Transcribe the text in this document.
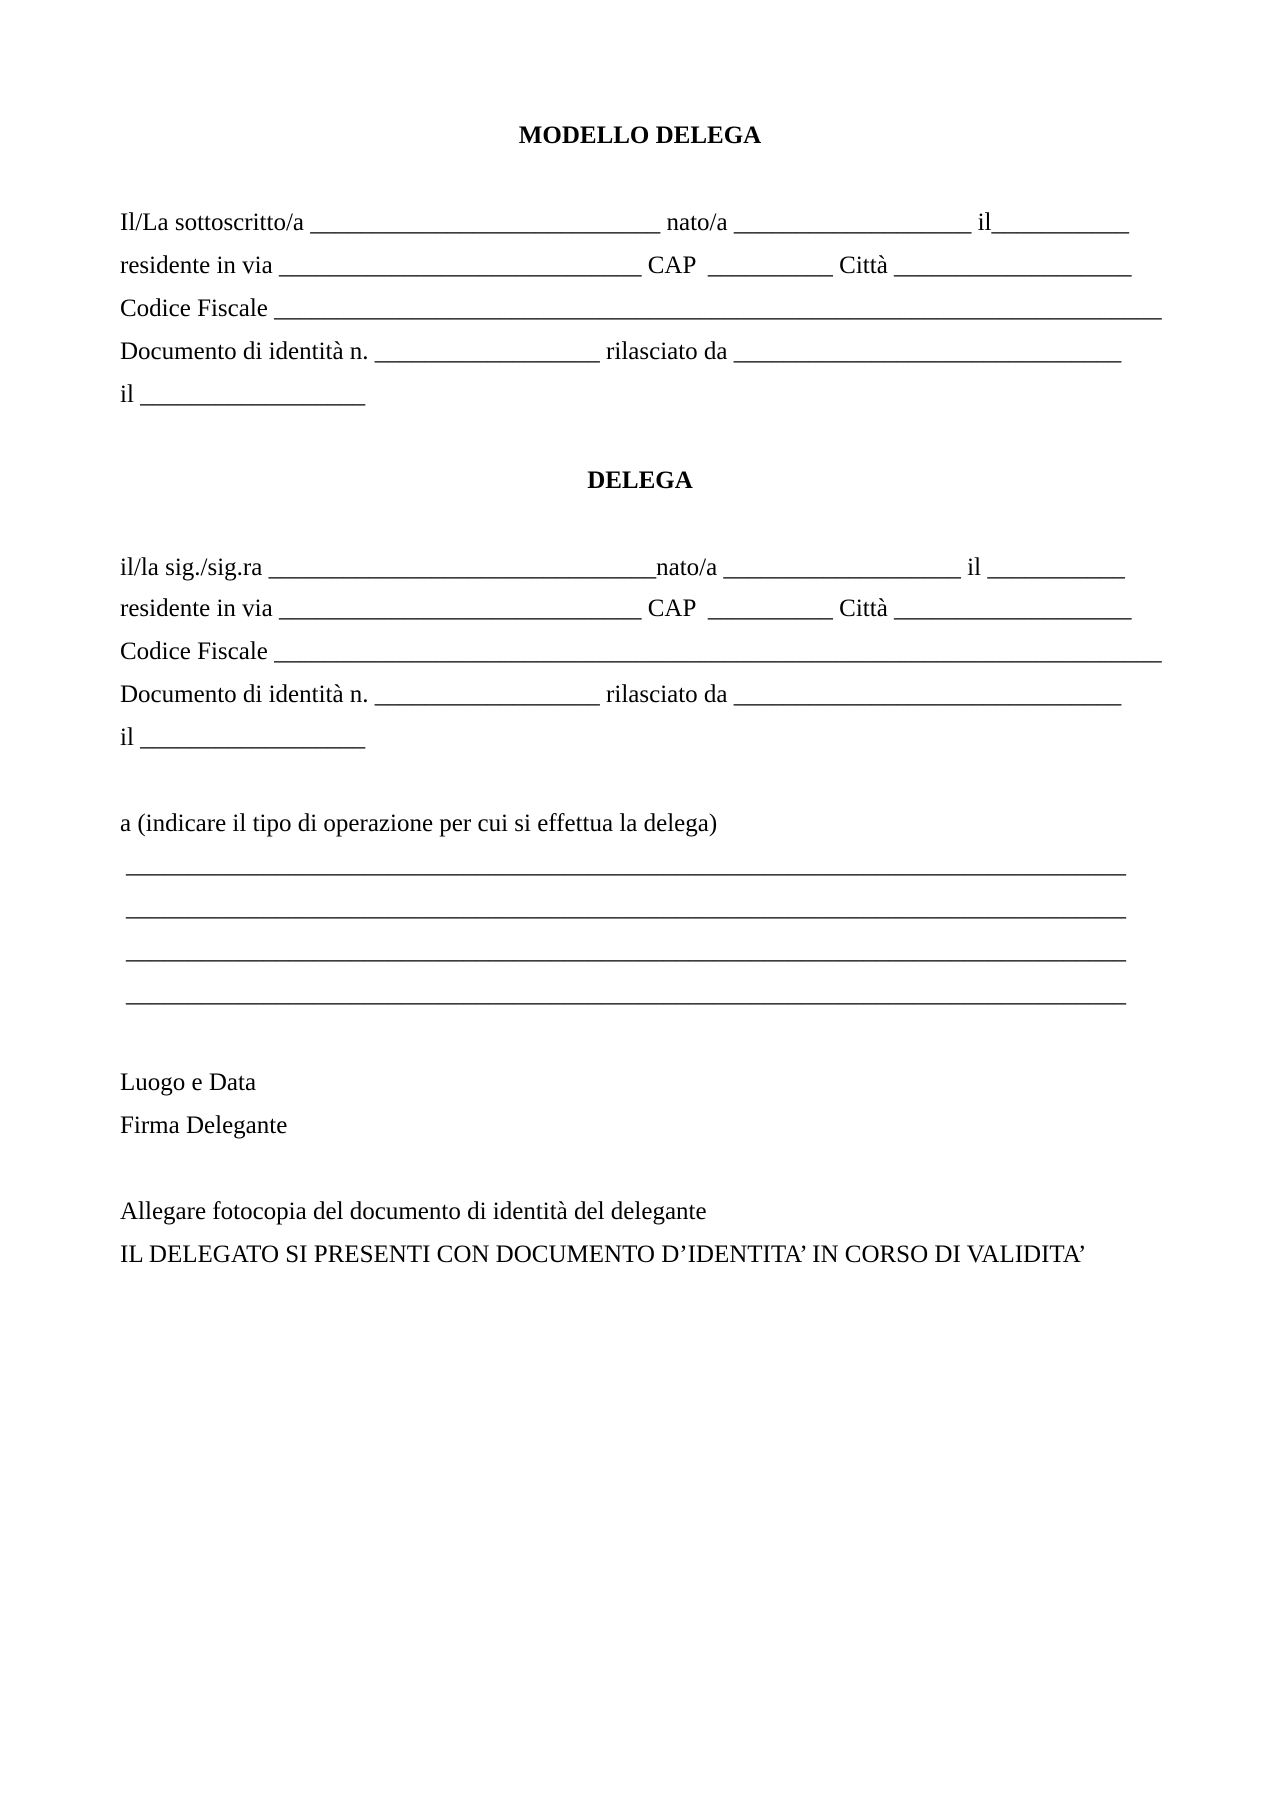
MODELLO DELEGA
Il/La sottoscritto/a ____________________________ nato/a ___________________ il___________
residente in via _____________________________ CAP  __________ Città ___________________
Codice Fiscale _______________________________________________________________________
Documento di identità n. __________________ rilasciato da _______________________________
il __________________
DELEGA
il/la sig./sig.ra _______________________________nato/a ___________________ il ___________
residente in via _____________________________ CAP  __________ Città ___________________
Codice Fiscale _______________________________________________________________________
Documento di identità n. __________________ rilasciato da _______________________________
il __________________
a (indicare il tipo di operazione per cui si effettua la delega)
________________________________________________________________________________
________________________________________________________________________________
________________________________________________________________________________
________________________________________________________________________________
Luogo e Data
Firma Delegante
Allegare fotocopia del documento di identità del delegante
IL DELEGATO SI PRESENTI CON DOCUMENTO D’IDENTITA’ IN CORSO DI VALIDITA’
